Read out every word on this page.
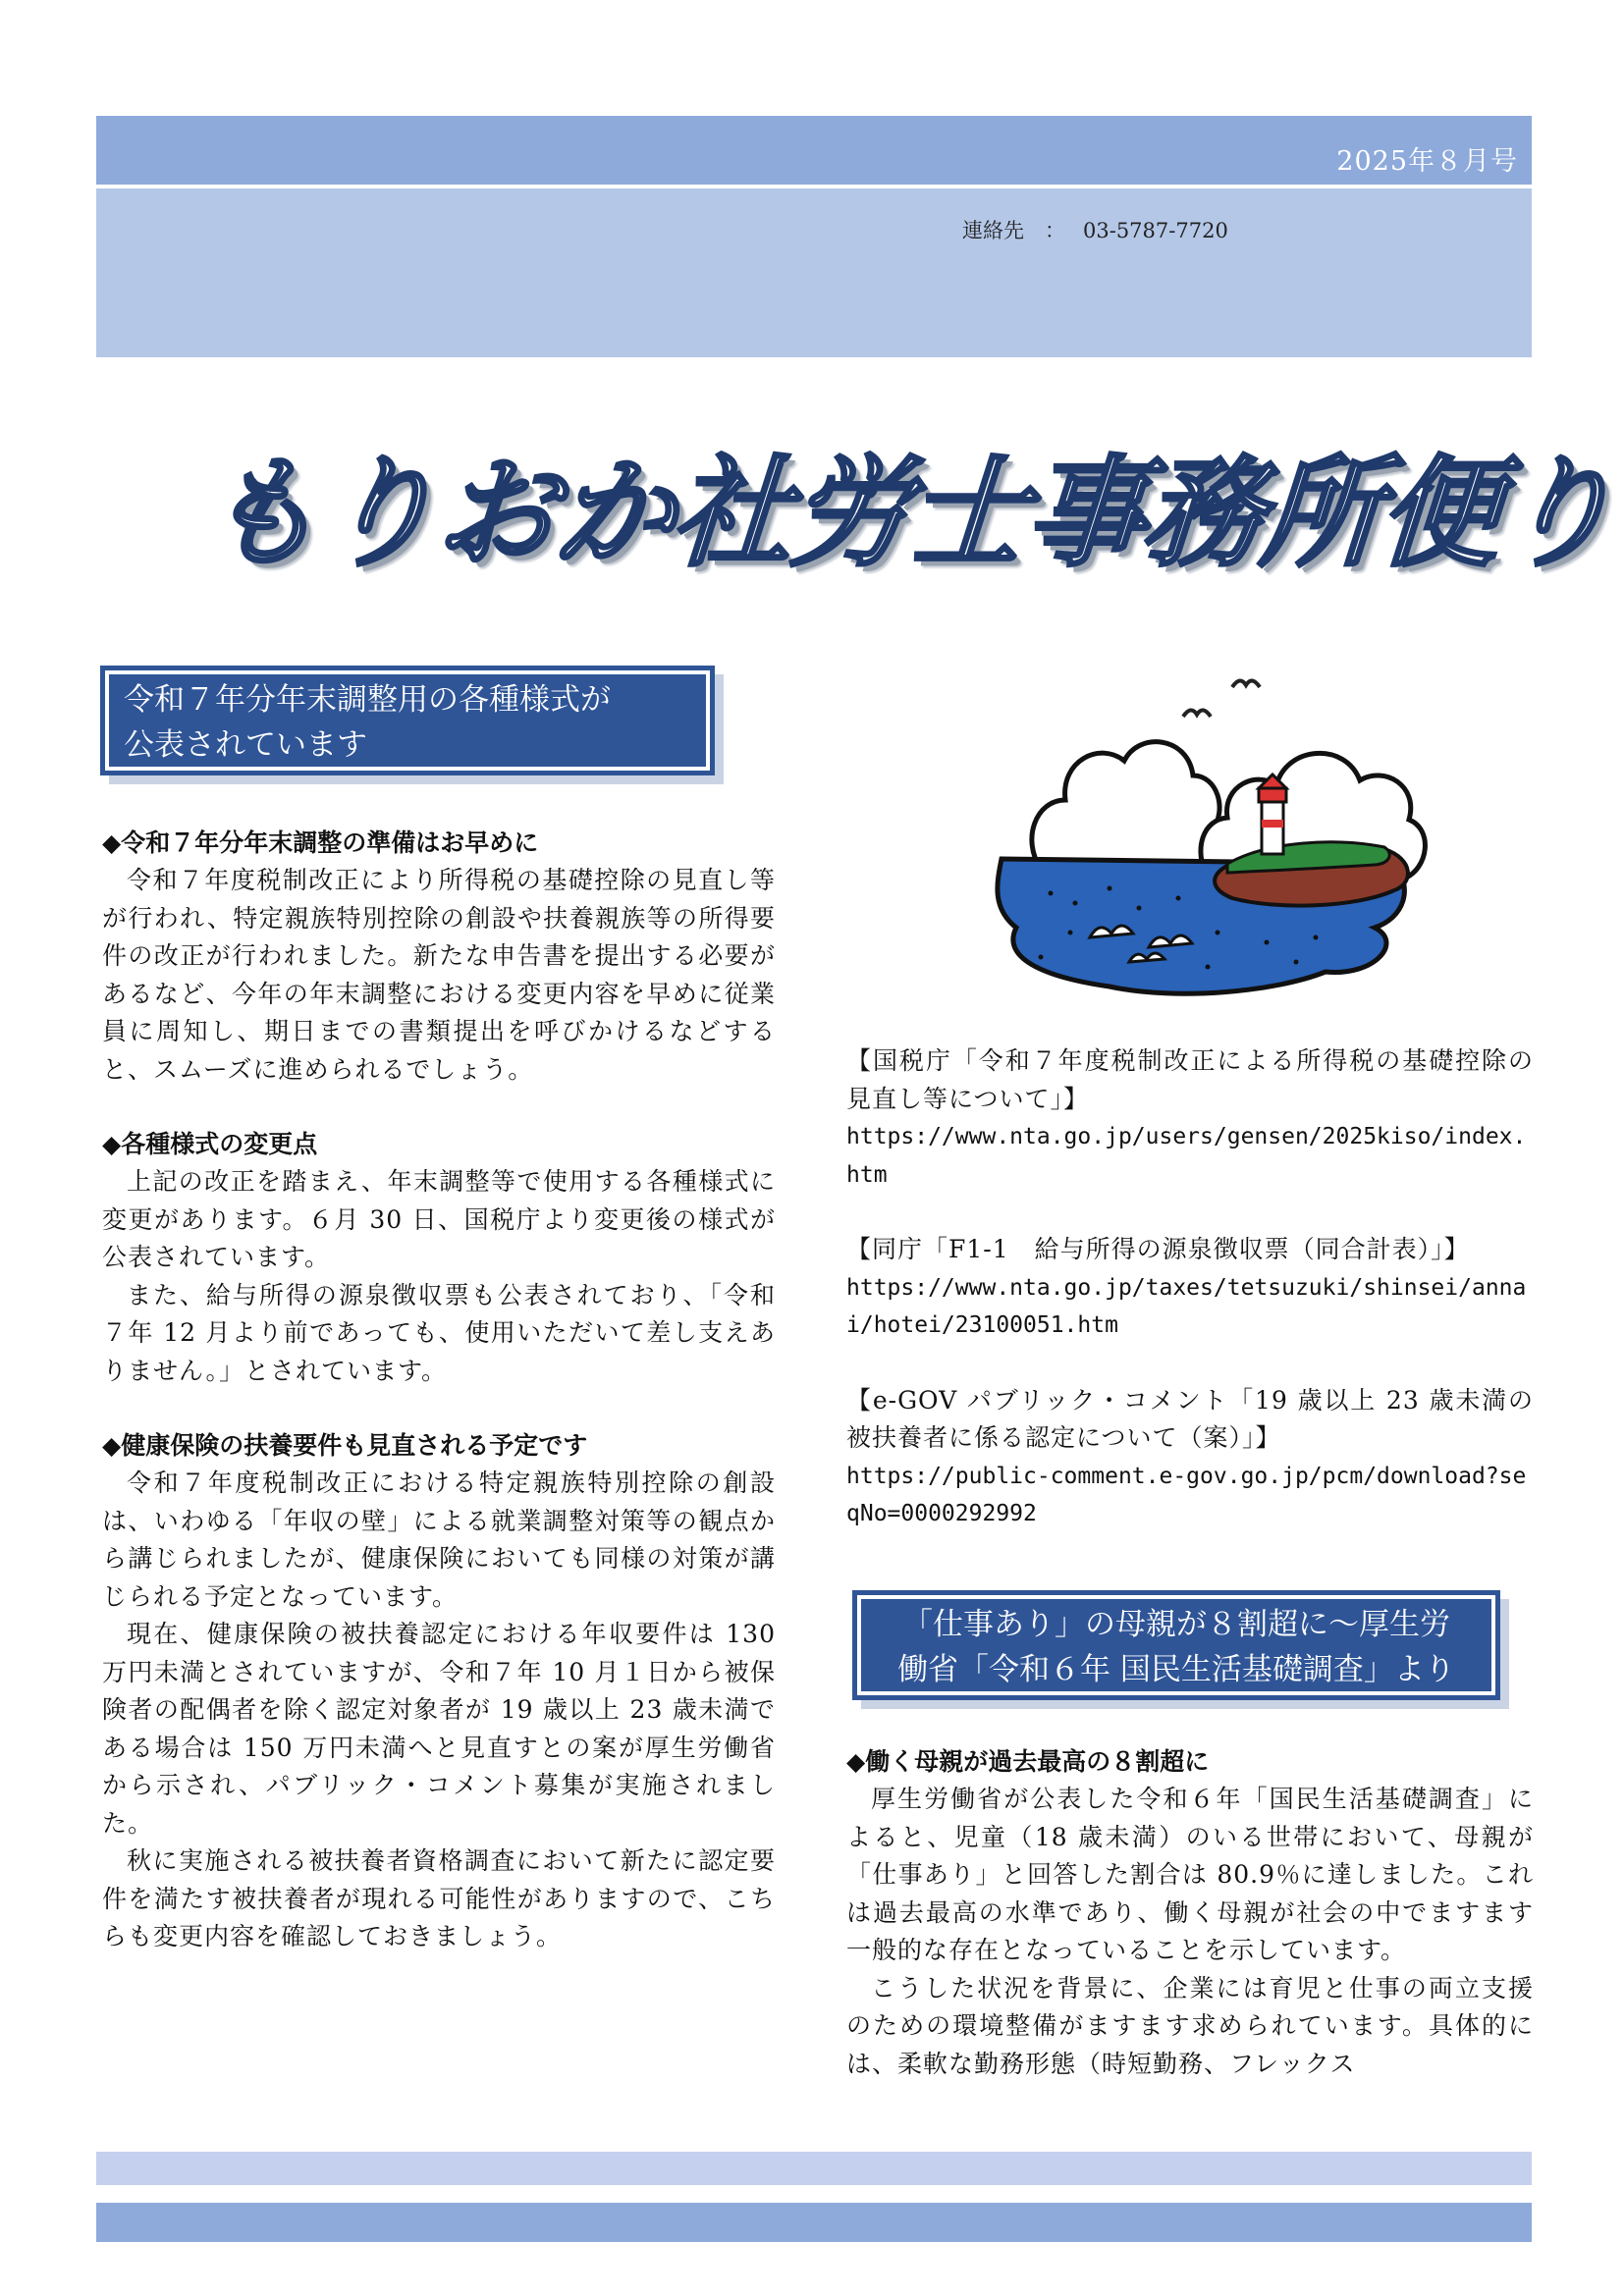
2025年８月号
連絡先　： 03-5787-7720
もりおか社労士事務所便り
令和７年分年末調整用の各種様式が
公表されています
◆令和７年分年末調整の準備はお早めに

令和７年度税制改正により所得税の基礎控除の見直し等が行われ、特定親族特別控除の創設や扶養親族等の所得要件の改正が行われました。新たな申告書を提出する必要があるなど、今年の年末調整における変更内容を早めに従業員に周知し、期日までの書類提出を呼びかけるなどすると、スムーズに進められるでしょう。

◆各種様式の変更点

上記の改正を踏まえ、年末調整等で使用する各種様式に変更があります。６月 30 日、国税庁より変更後の様式が公表されています。

また、給与所得の源泉徴収票も公表されており、「令和７年 12 月より前であっても、使用いただいて差し支えありません。」とされています。

◆健康保険の扶養要件も見直される予定です

令和７年度税制改正における特定親族特別控除の創設は、いわゆる「年収の壁」による就業調整対策等の観点から講じられましたが、健康保険においても同様の対策が講じられる予定となっています。

現在、健康保険の被扶養認定における年収要件は 130 万円未満とされていますが、令和７年 10 月１日から被保険者の配偶者を除く認定対象者が 19 歳以上 23 歳未満である場合は 150 万円未満へと見直すとの案が厚生労働省から示され、パブリック・コメント募集が実施されました。

秋に実施される被扶養者資格調査において新たに認定要件を満たす被扶養者が現れる可能性がありますので、こちらも変更内容を確認しておきましょう。

【国税庁「令和７年度税制改正による所得税の基礎控除の見直し等について」】

https://www.nta.go.jp/users/gensen/2025kiso/index.htm

【同庁「F1-1　給与所得の源泉徴収票（同合計表）」】

https://www.nta.go.jp/taxes/tetsuzuki/shinsei/annai/hotei/23100051.htm

【e-GOV パブリック・コメント「19 歳以上 23 歳未満の被扶養者に係る認定について（案）」】

https://public-comment.e-gov.go.jp/pcm/download?seqNo=0000292992

「仕事あり」の母親が８割超に～厚生労
働省「令和６年 国民生活基礎調査」より
◆働く母親が過去最高の８割超に

厚生労働省が公表した令和６年「国民生活基礎調査」によると、児童（18 歳未満）のいる世帯において、母親が「仕事あり」と回答した割合は 80.9％に達しました。これは過去最高の水準であり、働く母親が社会の中でますます一般的な存在となっていることを示しています。

こうした状況を背景に、企業には育児と仕事の両立支援のための環境整備がますます求められています。具体的には、柔軟な勤務形態（時短勤務、フレックス
